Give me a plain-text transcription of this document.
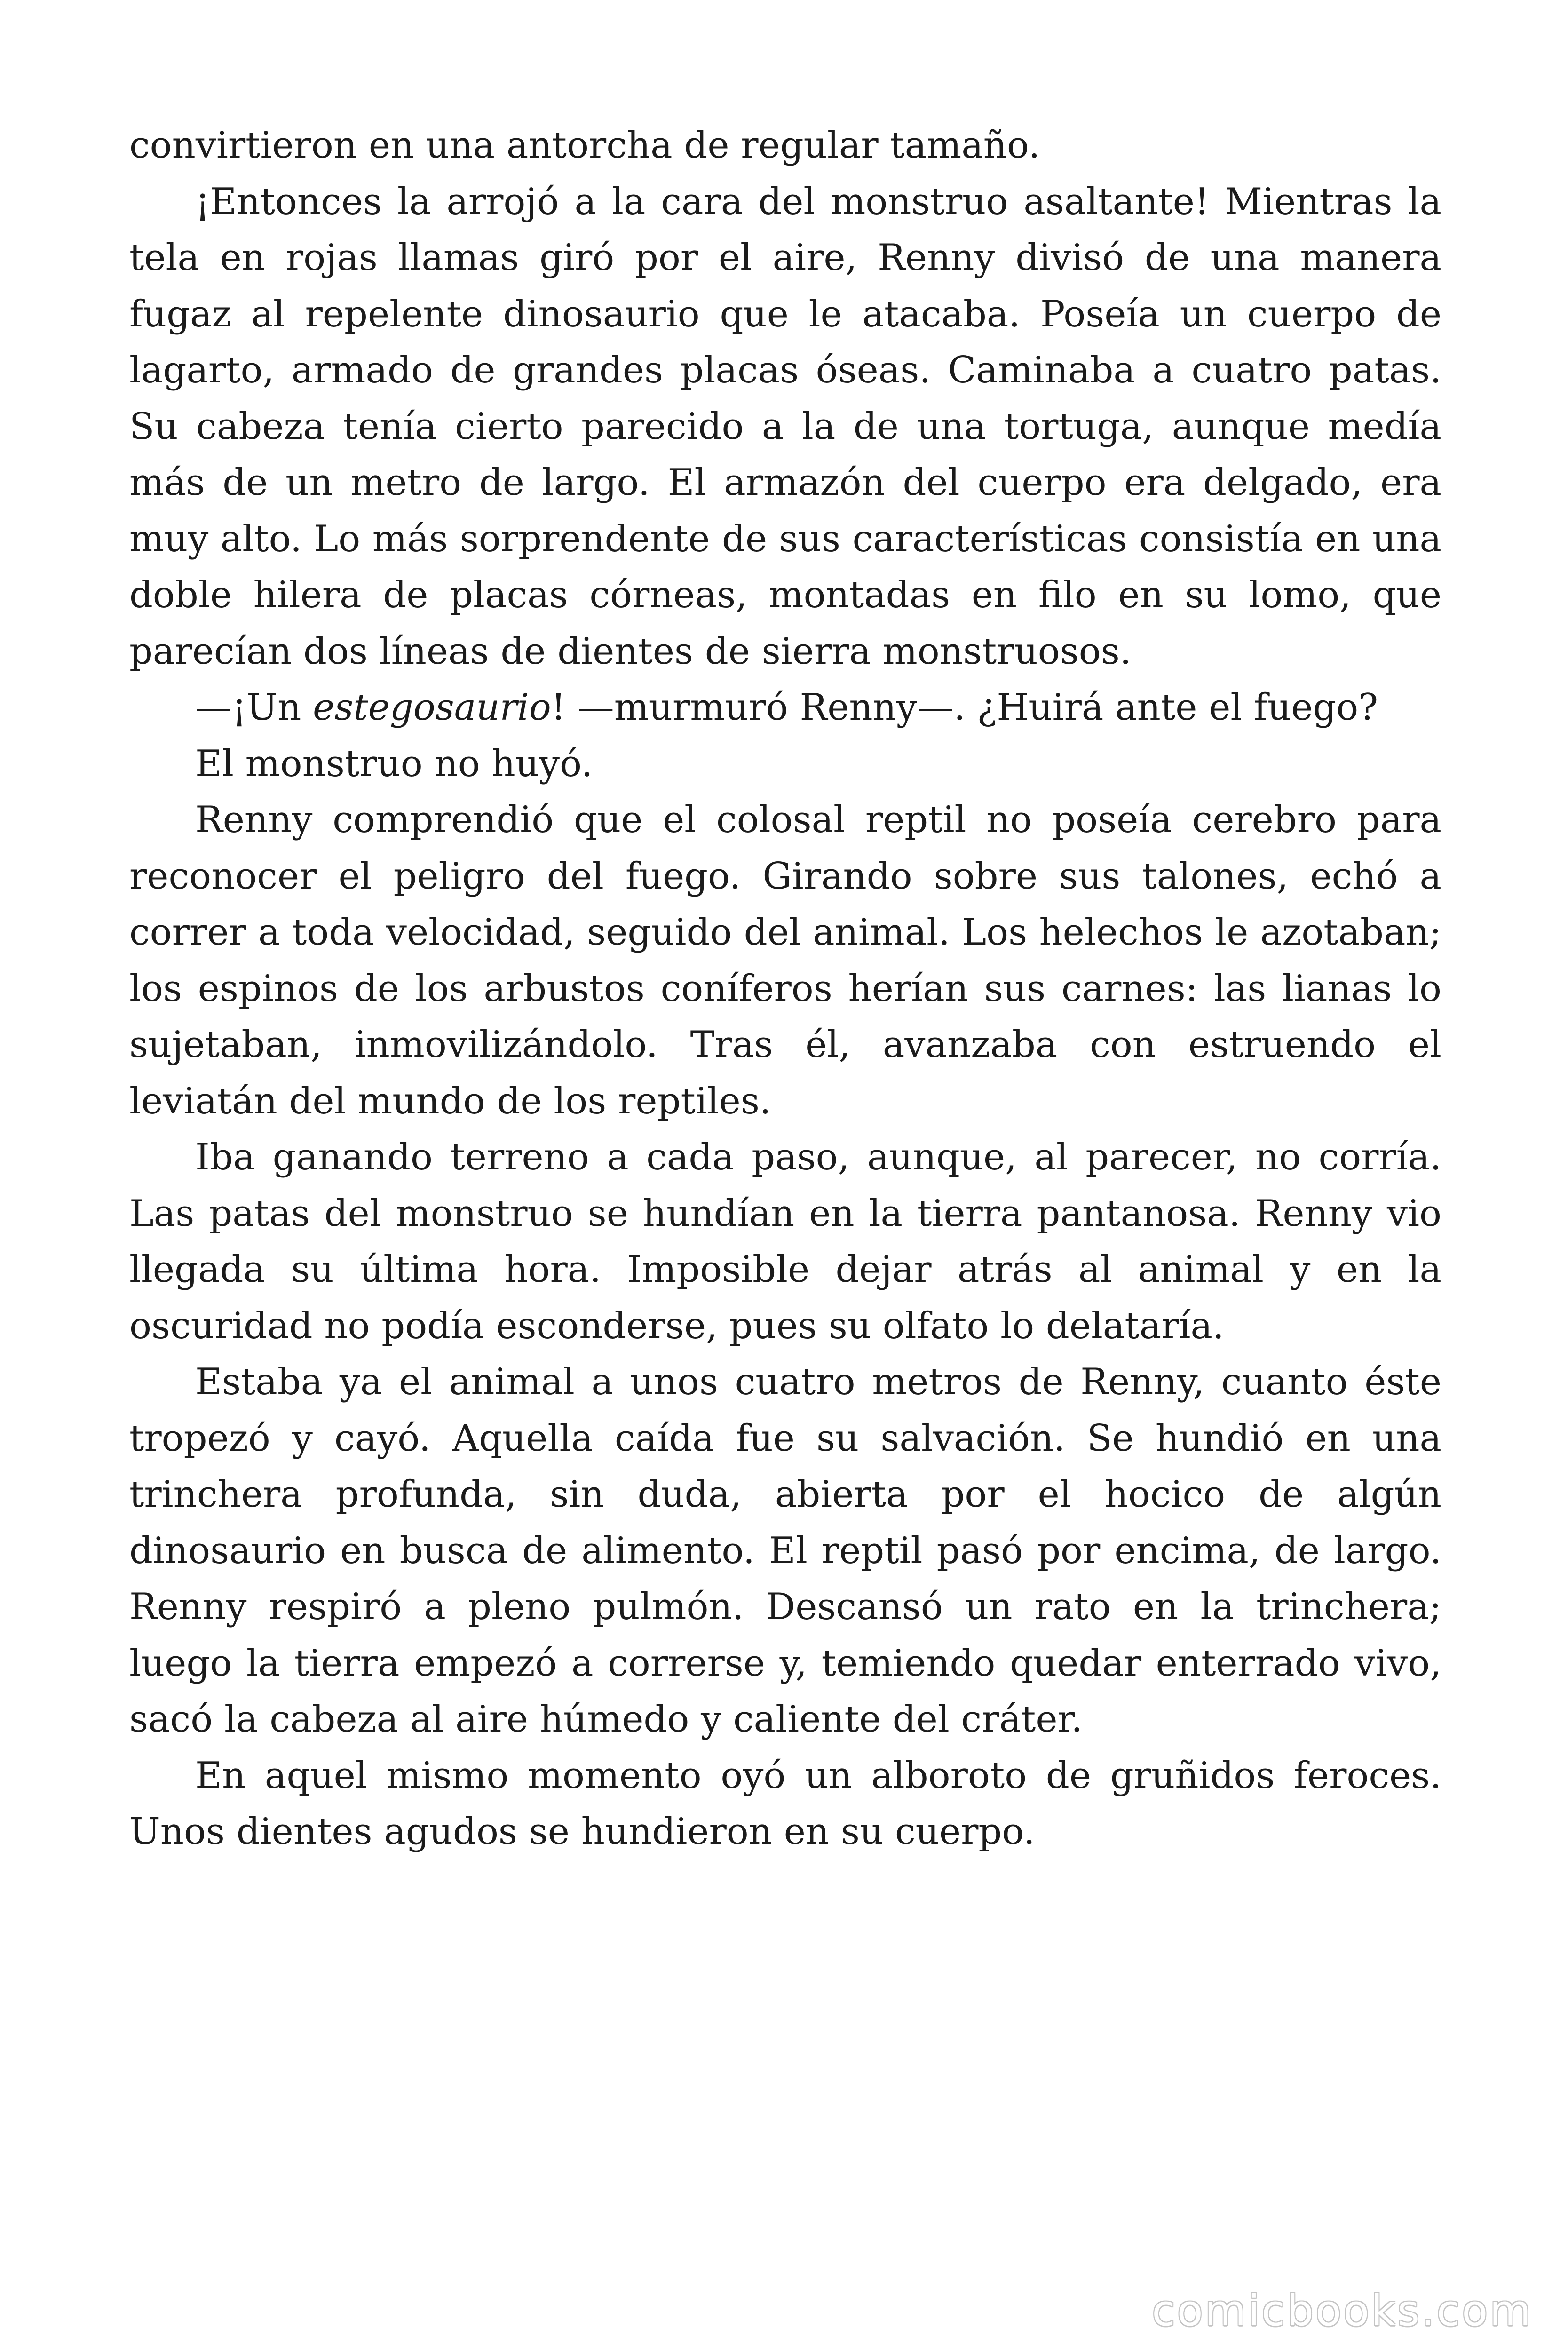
convirtieron en una antorcha de regular tamaño.

¡Entonces la arrojó a la cara del monstruo asaltante! Mientras la tela en rojas llamas giró por el aire, Renny divisó de una manera fugaz al repelente dinosaurio que le atacaba. Poseía un cuerpo de lagarto, armado de grandes placas óseas. Caminaba a cuatro patas. Su cabeza tenía cierto parecido a la de una tortuga, aunque medía más de un metro de largo. El armazón del cuerpo era delgado, era muy alto. Lo más sorprendente de sus características consistía en una doble hilera de placas córneas, montadas en filo en su lomo, que parecían dos líneas de dientes de sierra monstruosos.

—¡Un estegosaurio! —murmuró Renny—. ¿Huirá ante el fuego?

El monstruo no huyó.

Renny comprendió que el colosal reptil no poseía cerebro para reconocer el peligro del fuego. Girando sobre sus talones, echó a correr a toda velocidad, seguido del animal. Los helechos le azotaban; los espinos de los arbustos coníferos herían sus carnes: las lianas lo sujetaban, inmovilizándolo. Tras él, avanzaba con estruendo el leviatán del mundo de los reptiles.

Iba ganando terreno a cada paso, aunque, al parecer, no corría. Las patas del monstruo se hundían en la tierra pantanosa. Renny vio llegada su última hora. Imposible dejar atrás al animal y en la oscuridad no podía esconderse, pues su olfato lo delataría.

Estaba ya el animal a unos cuatro metros de Renny, cuanto éste tropezó y cayó. Aquella caída fue su salvación. Se hundió en una trinchera profunda, sin duda, abierta por el hocico de algún dinosaurio en busca de alimento. El reptil pasó por encima, de largo. Renny respiró a pleno pulmón. Descansó un rato en la trinchera; luego la tierra empezó a correrse y, temiendo quedar enterrado vivo, sacó la cabeza al aire húmedo y caliente del cráter.

En aquel mismo momento oyó un alboroto de gruñidos feroces. Unos dientes agudos se hundieron en su cuerpo.

comicbooks.com
